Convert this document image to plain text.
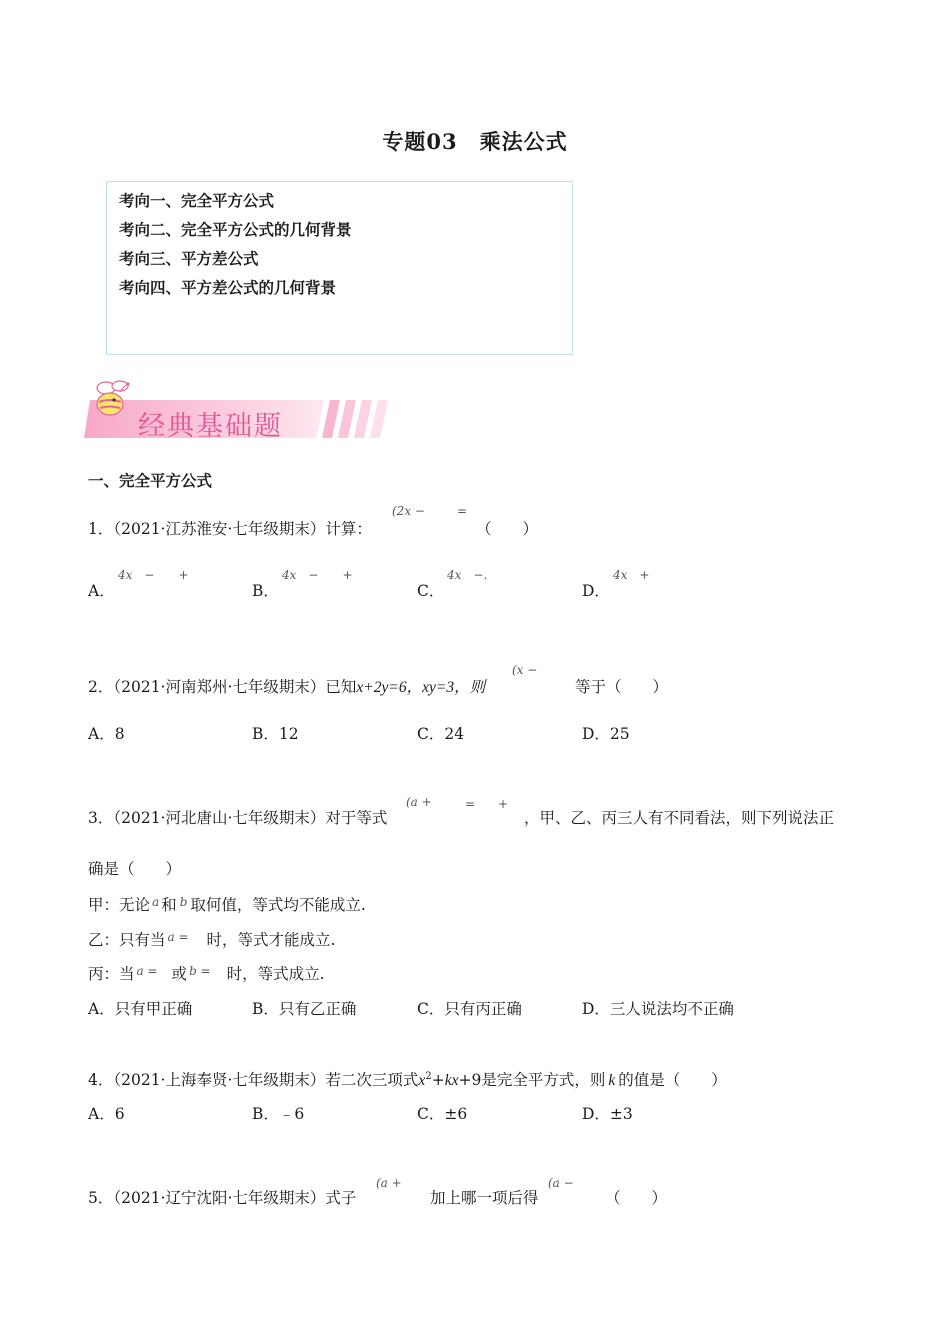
专题03　乘法公式
考向一、完全平方公式
考向二、完全平方公式的几何背景
考向三、平方差公式
考向四、平方差公式的几何背景
经典基础题
一、完全平方公式
1．（2021·江苏淮安·七年级期末）计算：
(2x −	=
（　　）
A．
4x　−　　+
B．
4x　−　　+
C．
4x　−.
D．
4x　+
2．（2021·河南郑州·七年级期末）已知x+2y=6，xy=3，则
(x −
等于（　　）
A．8	B．12	C．24	D．25
3．（2021·河北唐山·七年级期末）对于等式
(a +	= +
，甲、乙、丙三人有不同看法，则下列说法正
确是（　　）
甲：无论 $^a$ 和 $^b$ 取何值，等式均不能成立.
乙：只有当 $^{a =}$ 时，等式才能成立.
丙：当 $^{a =}$ 或 $^{b =}$ 时，等式成立.
A．只有甲正确	B．只有乙正确	C．只有丙正确	D．三人说法均不正确
4．（2021·上海奉贤·七年级期末）若二次三项式$x^2+kx+9$是完全平方式，则 k 的值是（　　）
A．6	B．﹣6	C．±6	D．±3
5．（2021·辽宁沈阳·七年级期末）式子
(a +
加上哪一项后得
(a −
（　　）
